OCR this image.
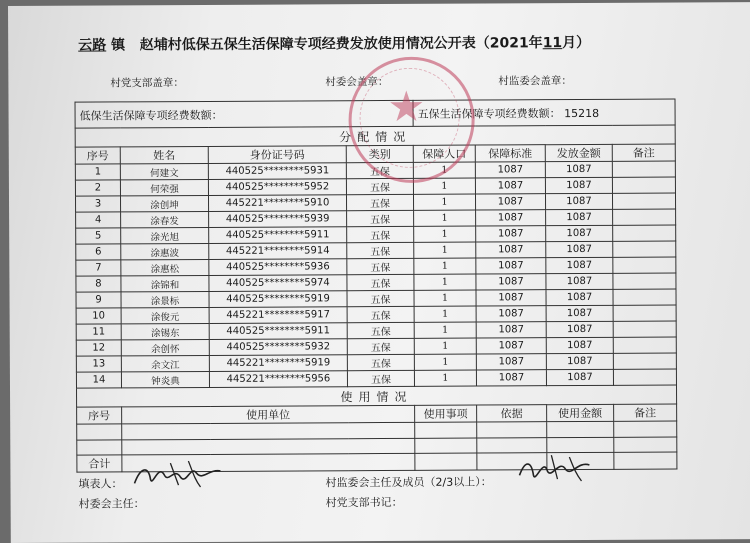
云路 镇 赵埔村低保五保生活保障专项经费发放使用情况公开表（2021年11月）
村党支部盖章：	村委会盖章：	村监委会盖章：
低保生活保障专项经费数额：				五保生活保障专项经费数额： 15218			
分配情况							
序号	姓名	身份证号码	类别	保障人口	保障标准	发放金额	备注
1	何建文	440525********5931	五保	1	1087	1087	
2	何荣强	440525********5952	五保	1	1087	1087	
3	涂创坤	445221********5910	五保	1	1087	1087	
4	涂春发	440525********5939	五保	1	1087	1087	
5	涂光旭	440525********5911	五保	1	1087	1087	
6	涂惠波	445221********5914	五保	1	1087	1087	
7	涂惠松	440525********5936	五保	1	1087	1087	
8	涂锦和	440525********5974	五保	1	1087	1087	
9	涂景标	440525********5919	五保	1	1087	1087	
10	涂俊元	445221********5917	五保	1	1087	1087	
11	涂锡东	440525********5911	五保	1	1087	1087	
12	余创怀	440525********5932	五保	1	1087	1087	
13	余文江	445221********5919	五保	1	1087	1087	
14	钟炎典	445221********5956	五保	1	1087	1087	
使用情况							
序号	使用单位			使用事项	依据	使用金额	备注

合计							
填表人：
村委会主任：
村监委会主任及成员（2/3以上）：
村党支部书记：
★
